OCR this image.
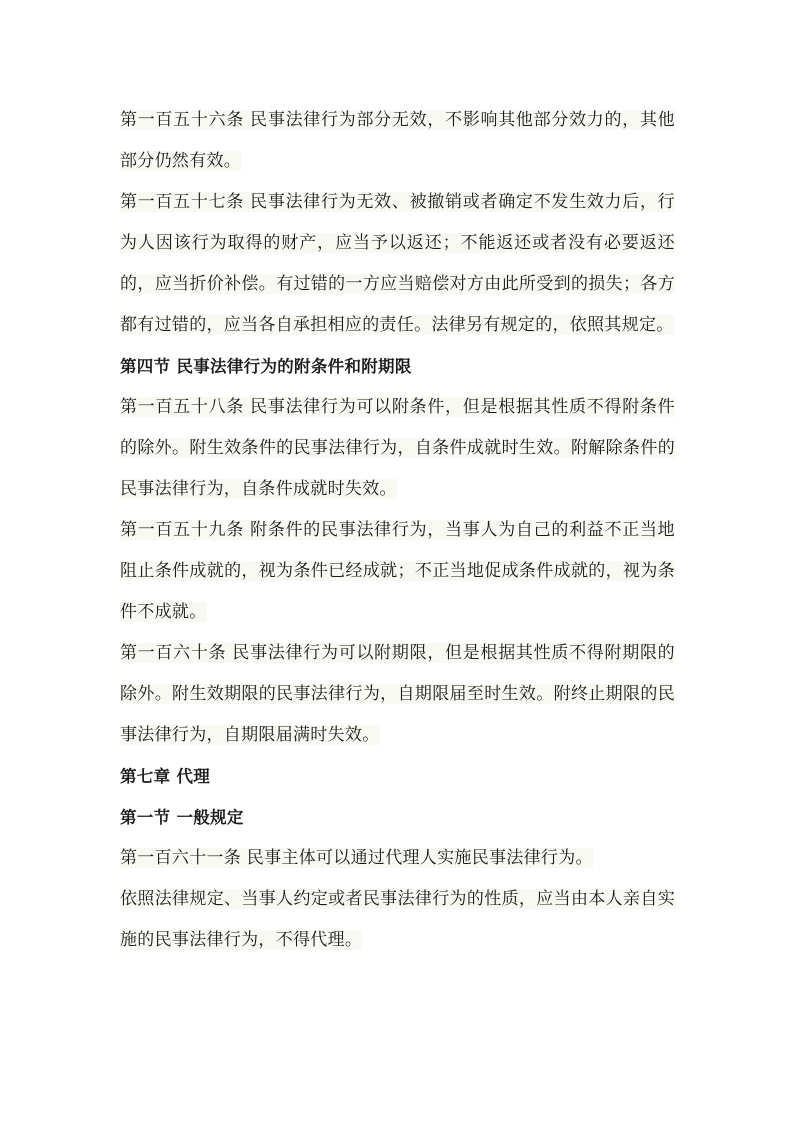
第一百五十六条 民事法律行为部分无效，不影响其他部分效力的，其他部分仍然有效。

第一百五十七条 民事法律行为无效、被撤销或者确定不发生效力后，行为人因该行为取得的财产，应当予以返还；不能返还或者没有必要返还的，应当折价补偿。有过错的一方应当赔偿对方由此所受到的损失；各方都有过错的，应当各自承担相应的责任。法律另有规定的，依照其规定。

第四节 民事法律行为的附条件和附期限

第一百五十八条 民事法律行为可以附条件，但是根据其性质不得附条件的除外。附生效条件的民事法律行为，自条件成就时生效。附解除条件的民事法律行为，自条件成就时失效。

第一百五十九条 附条件的民事法律行为，当事人为自己的利益不正当地阻止条件成就的，视为条件已经成就；不正当地促成条件成就的，视为条件不成就。

第一百六十条 民事法律行为可以附期限，但是根据其性质不得附期限的除外。附生效期限的民事法律行为，自期限届至时生效。附终止期限的民事法律行为，自期限届满时失效。

第七章 代理

第一节 一般规定

第一百六十一条 民事主体可以通过代理人实施民事法律行为。

依照法律规定、当事人约定或者民事法律行为的性质，应当由本人亲自实施的民事法律行为，不得代理。
